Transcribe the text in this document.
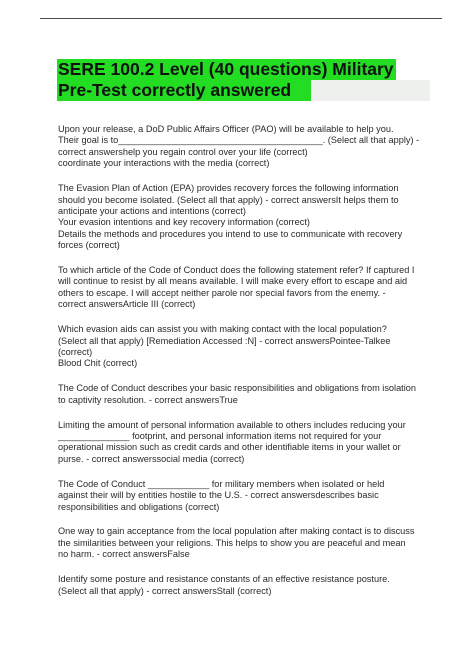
SERE 100.2 Level (40 questions) Military
Pre-Test correctly answered
Upon your release, a DoD Public Affairs Officer (PAO) will be available to help you.
Their goal is to________________________________________. (Select all that apply) -
correct answershelp you regain control over your life (correct)
coordinate your interactions with the media (correct)
The Evasion Plan of Action (EPA) provides recovery forces the following information
should you become isolated. (Select all that apply) - correct answersIt helps them to
anticipate your actions and intentions (correct)
Your evasion intentions and key recovery information (correct)
Details the methods and procedures you intend to use to communicate with recovery
forces (correct)
To which article of the Code of Conduct does the following statement refer? If captured I
will continue to resist by all means available. I will make every effort to escape and aid
others to escape. I will accept neither parole nor special favors from the enemy. -
correct answersArticle III (correct)
Which evasion aids can assist you with making contact with the local population?
(Select all that apply) [Remediation Accessed :N] - correct answersPointee-Talkee
(correct)
Blood Chit (correct)
The Code of Conduct describes your basic responsibilities and obligations from isolation
to captivity resolution. - correct answersTrue
Limiting the amount of personal information available to others includes reducing your
______________ footprint, and personal information items not required for your
operational mission such as credit cards and other identifiable items in your wallet or
purse. - correct answerssocial media (correct)
The Code of Conduct ____________ for military members when isolated or held
against their will by entities hostile to the U.S. - correct answersdescribes basic
responsibilities and obligations (correct)
One way to gain acceptance from the local population after making contact is to discuss
the similarities between your religions. This helps to show you are peaceful and mean
no harm. - correct answersFalse
Identify some posture and resistance constants of an effective resistance posture.
(Select all that apply) - correct answersStall (correct)
